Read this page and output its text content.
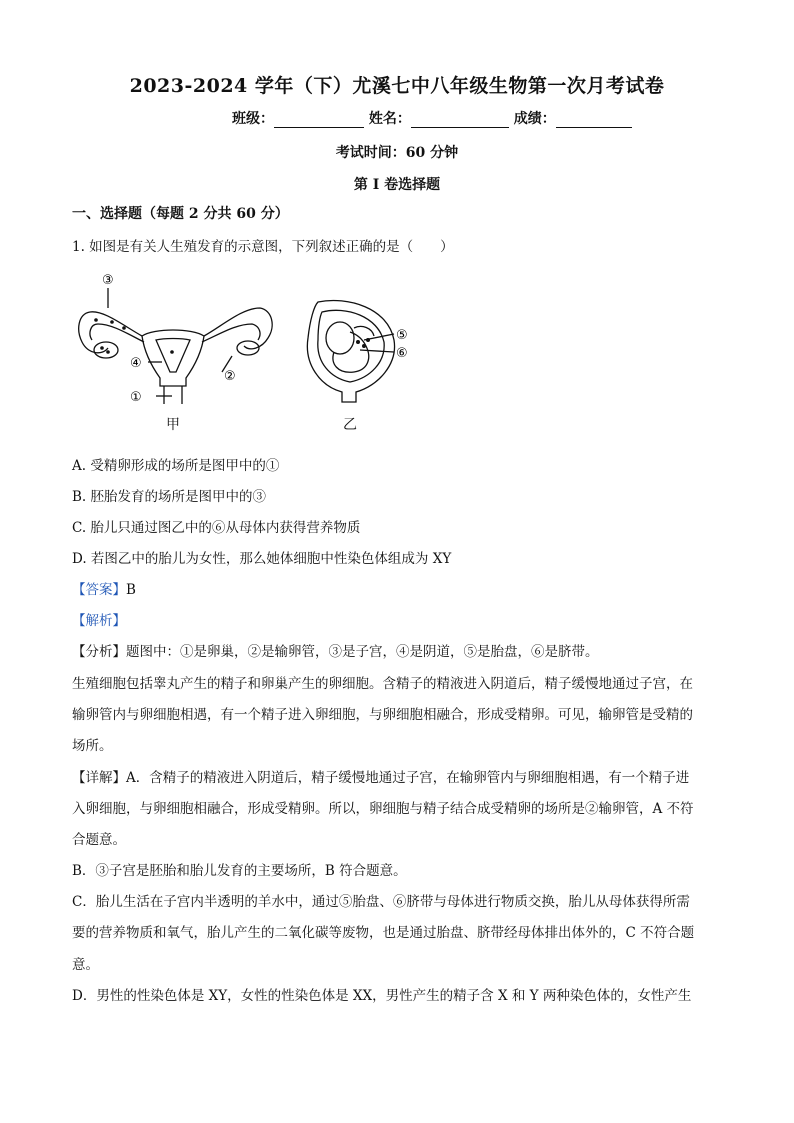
2023-2024 学年（下）尤溪七中八年级生物第一次月考试卷
班级：	姓名：	成绩：
考试时间：60 分钟
第 I 卷选择题
一、选择题（每题 2 分共 60 分）
1. 如图是有关人生殖发育的示意图，下列叙述正确的是（　　）
③
④
①
②
⑤
⑥
甲	乙
A. 受精卵形成的场所是图甲中的①
B. 胚胎发育的场所是图甲中的③
C. 胎儿只通过图乙中的⑥从母体内获得营养物质
D. 若图乙中的胎儿为女性，那么她体细胞中性染色体组成为 XY
【答案】B
【解析】
【分析】题图中：①是卵巢，②是输卵管，③是子宫，④是阴道，⑤是胎盘，⑥是脐带。
生殖细胞包括睾丸产生的精子和卵巢产生的卵细胞。含精子的精液进入阴道后，精子缓慢地通过子宫，在
输卵管内与卵细胞相遇，有一个精子进入卵细胞，与卵细胞相融合，形成受精卵。可见，输卵管是受精的
场所。
【详解】A．含精子的精液进入阴道后，精子缓慢地通过子宫，在输卵管内与卵细胞相遇，有一个精子进
入卵细胞，与卵细胞相融合，形成受精卵。所以，卵细胞与精子结合成受精卵的场所是②输卵管，A 不符
合题意。
B．③子宫是胚胎和胎儿发育的主要场所，B 符合题意。
C．胎儿生活在子宫内半透明的羊水中，通过⑤胎盘、⑥脐带与母体进行物质交换，胎儿从母体获得所需
要的营养物质和氧气，胎儿产生的二氧化碳等废物，也是通过胎盘、脐带经母体排出体外的，C 不符合题
意。
D．男性的性染色体是 XY，女性的性染色体是 XX，男性产生的精子含 X 和 Y 两种染色体的，女性产生
